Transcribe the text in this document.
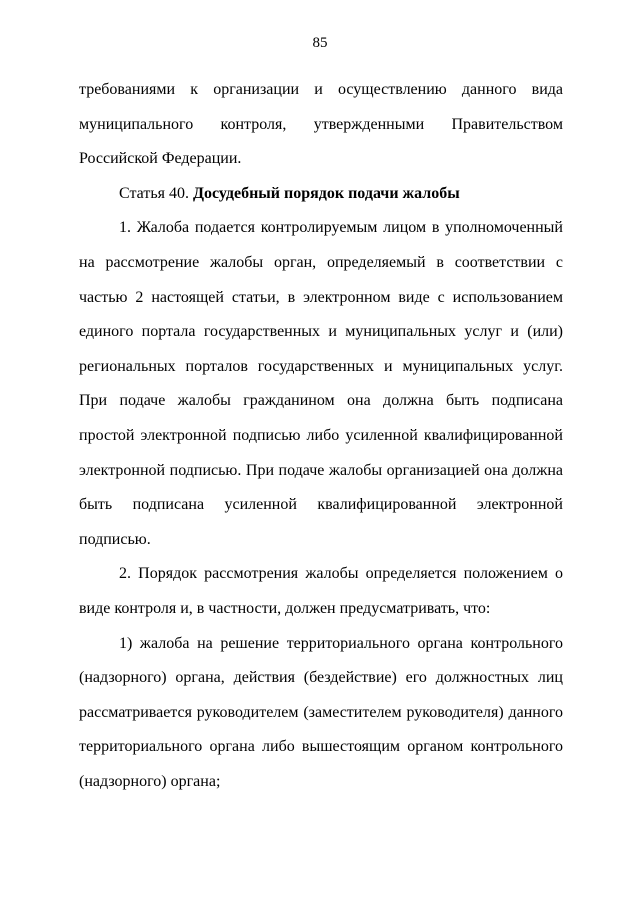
85

требованиями к организации и осуществлению данного вида муниципального контроля, утвержденными Правительством Российской Федерации.

Статья 40. Досудебный порядок подачи жалобы

1. Жалоба подается контролируемым лицом в уполномоченный на рассмотрение жалобы орган, определяемый в соответствии с частью 2 настоящей статьи, в электронном виде с использованием единого портала государственных и муниципальных услуг и (или) региональных порталов государственных и муниципальных услуг. При подаче жалобы гражданином она должна быть подписана простой электронной подписью либо усиленной квалифицированной электронной подписью. При подаче жалобы организацией она должна быть подписана усиленной квалифицированной электронной подписью.

2. Порядок рассмотрения жалобы определяется положением о виде контроля и, в частности, должен предусматривать, что:

1) жалоба на решение территориального органа контрольного (надзорного) органа, действия (бездействие) его должностных лиц рассматривается руководителем (заместителем руководителя) данного территориального органа либо вышестоящим органом контрольного (надзорного) органа;
